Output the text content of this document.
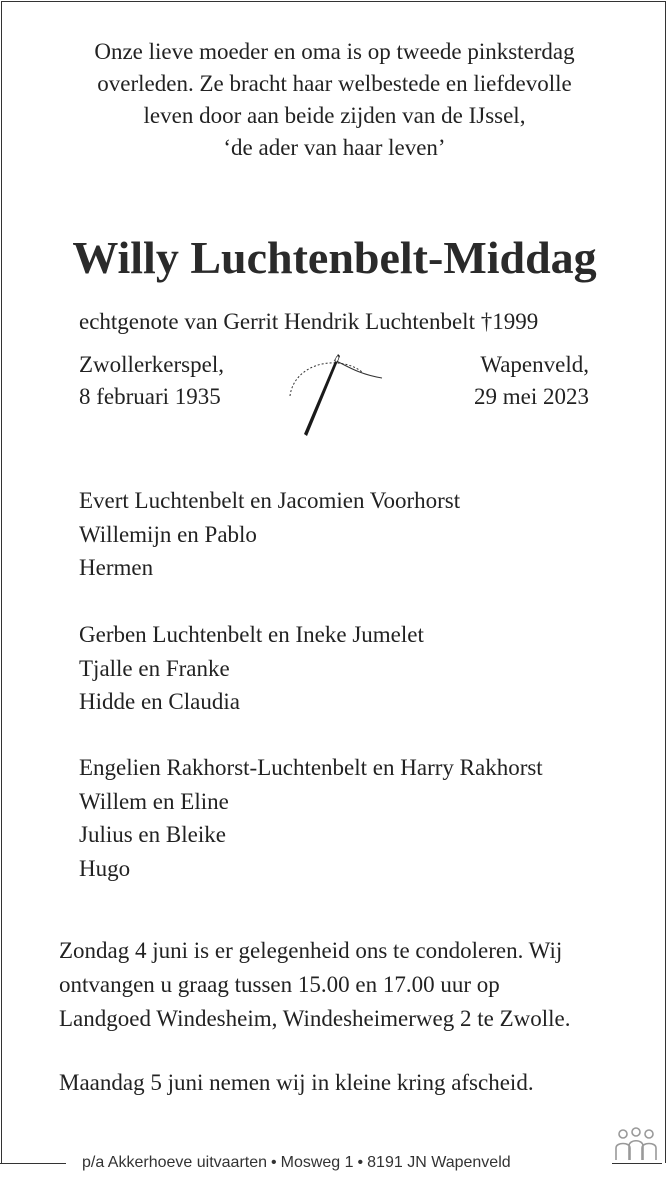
Onze lieve moeder en oma is op tweede pinksterdag
overleden. Ze bracht haar welbestede en liefdevolle
leven door aan beide zijden van de IJssel,
‘de ader van haar leven’
Willy Luchtenbelt-Middag
echtgenote van Gerrit Hendrik Luchtenbelt †1999
Zwollerkerspel,
8 februari 1935
Wapenveld,
29 mei 2023
Evert Luchtenbelt en Jacomien Voorhorst
Willemijn en Pablo
Hermen
Gerben Luchtenbelt en Ineke Jumelet
Tjalle en Franke
Hidde en Claudia
Engelien Rakhorst-Luchtenbelt en Harry Rakhorst
Willem en Eline
Julius en Bleike
Hugo
Zondag 4 juni is er gelegenheid ons te condoleren. Wij
ontvangen u graag tussen 15.00 en 17.00 uur op
Landgoed Windesheim, Windesheimerweg 2 te Zwolle.
Maandag 5 juni nemen wij in kleine kring afscheid.
p/a Akkerhoeve uitvaarten • Mosweg 1 • 8191 JN Wapenveld
